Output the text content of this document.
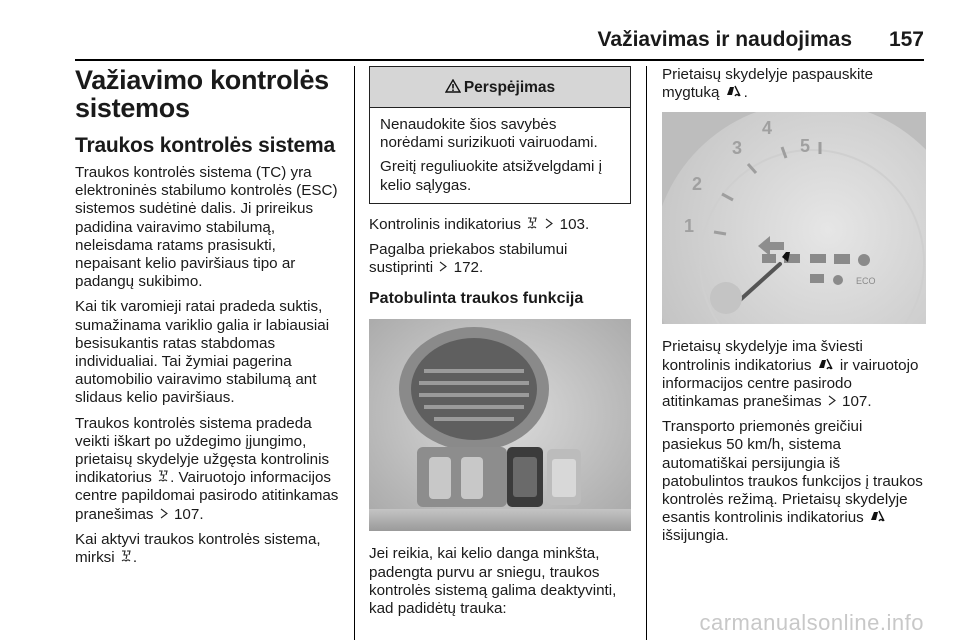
Važiavimas ir naudojimas 157
Važiavimo kontrolės sistemos
Traukos kontrolės sistema

Traukos kontrolės sistema (TC) yra elektroninės stabilumo kontrolės (ESC) sistemos sudėtinė dalis. Ji prireikus padidina vairavimo stabilumą, neleisdama ratams prasisukti, nepaisant kelio paviršiaus tipo ar padangų sukibimo.

Kai tik varomieji ratai pradeda suktis, sumažinama variklio galia ir labiausiai besisukantis ratas stabdomas individualiai. Tai žymiai pagerina automobilio vairavimo stabilumą ant slidaus kelio paviršiaus.

Traukos kontrolės sistema pradeda veikti iškart po uždegimo įjungimo, prietaisų skydelyje užgęsta kontrolinis indikatorius . Vairuotojo informacijos centre papildomai pasirodo atitinkamas pranešimas 107.

Kai aktyvi traukos kontrolės sistema, mirksi .

Perspėjimas

Nenaudokite šios savybės norėdami surizikuoti vairuodami.

Greitį reguliuokite atsižvelgdami į kelio sąlygas.

Kontrolinis indikatorius	103.

Pagalba priekabos stabilumui sustiprinti 172.

Patobulinta traukos funkcija

Jei reikia, kai kelio danga minkšta, padengta purvu ar sniegu, traukos kontrolės sistemą galima deaktyvinti, kad padidėtų trauka:

Prietaisų skydelyje paspauskite mygtuką .

2
1
3
4
5
ECO

Prietaisų skydelyje ima šviesti kontrolinis indikatorius ir vairuotojo informacijos centre pasirodo atitinkamas pranešimas 107.

Transporto priemonės greičiui pasiekus 50 km/h, sistema automatiškai persijungia iš patobulintos traukos funkcijos į traukos kontrolės režimą. Prietaisų skydelyje esantis kontrolinis indikatorius  išsijungia.

carmanualsonline.info
